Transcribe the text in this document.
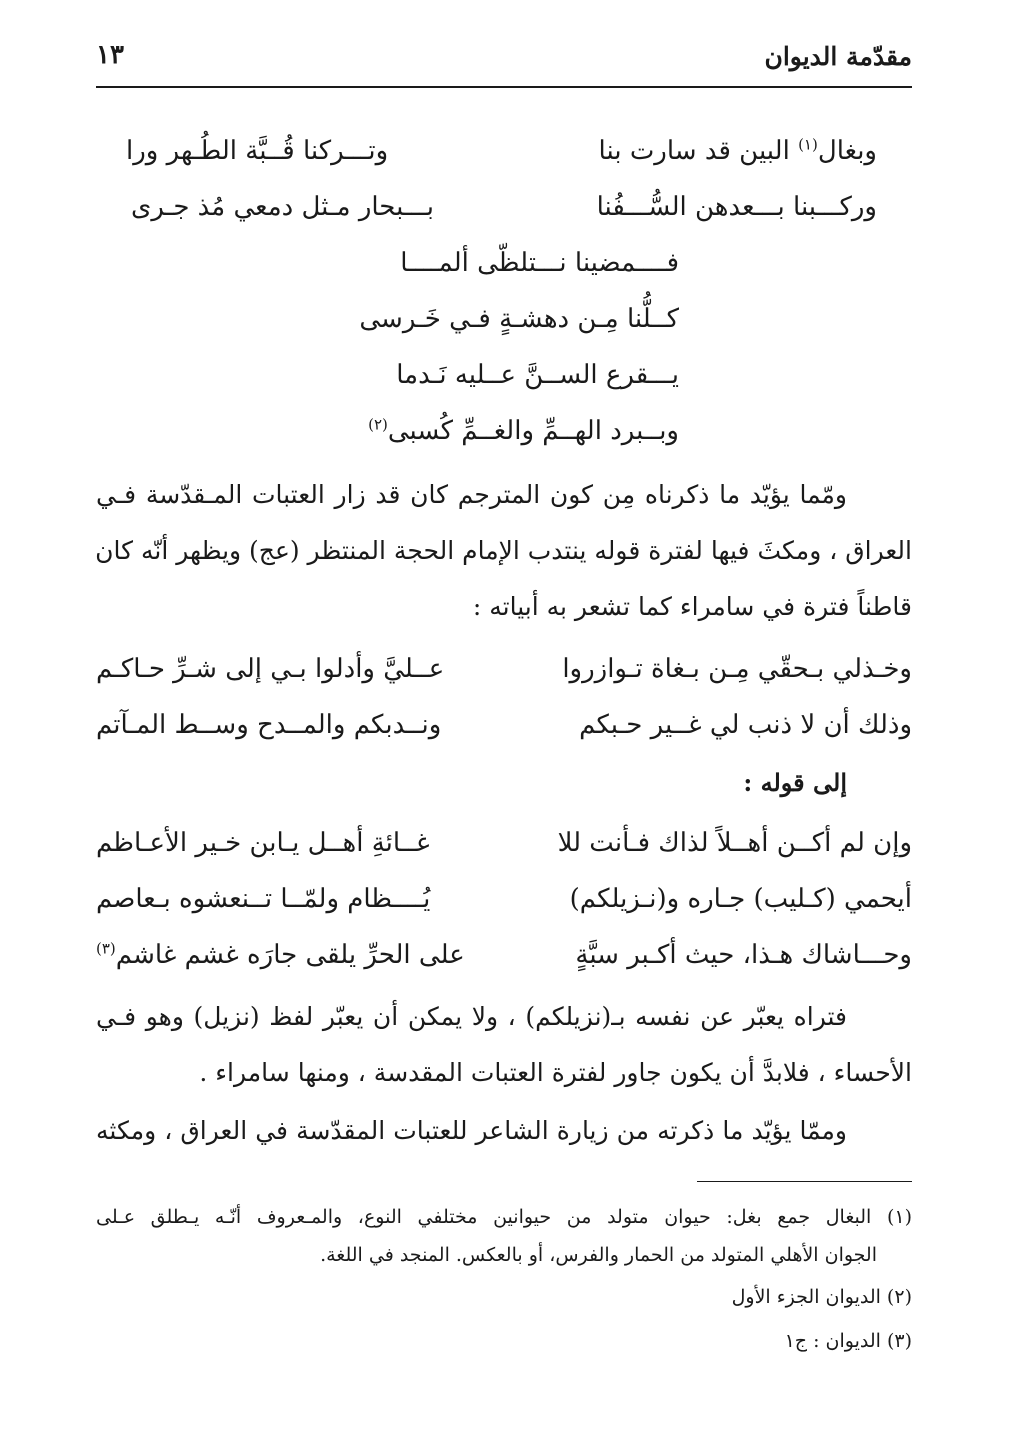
مقدّمة الديوان
١٣
وبغال$^{(١)}$ البين قد سارت بنا
وتـــركنا قُــبَّة الطُـهر ورا
وركـــبنا بـــعدهن السُّـــفُنا
بـــبحار مـثل دمعي مُذ جـرى
فــــمضينا نـــتلظّى ألمــــا
كــلُّنا مِـن دهشـةٍ فـي خَـرسى
يـــقرع الســنَّ عــليه نَـدما
وبــبرد الهــمِّ والغــمِّ كُسبى$^{(٢)}$
ومّما يؤيّد ما ذكرناه مِن كون المترجم كان قد زار العتبات المـقدّسة فـي
العراق ، ومكثَ فيها لفترة قوله ينتدب الإمام الحجة المنتظر (عج) ويظهر أنّه كان
قاطناً فترة في سامراء كما تشعر به أبياته :
وخـذلي بـحقّي مِـن بـغاة تـوازروا
عــليَّ وأدلوا بـي إلى شـرِّ حـاكـم
وذلك أن لا ذنب لي غــير حـبكم
ونــدبكم والمــدح وســط المـآتم
إلى قوله :
وإن لم أكــن أهــلاً لذاك فـأنت للا
غــائةِ أهــل يـابن خـير الأعـاظم
أيحمي (كـليب) جـاره و(نـزيلكم)
يُــــظام ولمّــا تــنعشوه بـعاصم
وحـــاشاك هـذا، حيث أكـبر سبَّةٍ
على الحرِّ يلقى جارَه غشم غاشم$^{(٣)}$
فتراه يعبّر عن نفسه بـ(نزيلكم) ، ولا يمكن أن يعبّر لفظ (نزيل) وهو فـي
الأحساء ، فلابدَّ أن يكون جاور لفترة العتبات المقدسة ، ومنها سامراء .
وممّا يؤيّد ما ذكرته من زيارة الشاعر للعتبات المقدّسة في العراق ، ومكثه
(١) البغال جمع بغل: حيوان متولد من حيوانين مختلفي النوع، والمـعروف أنّـه يـطلق عـلى
الجوان الأهلي المتولد من الحمار والفرس، أو بالعكس. المنجد في اللغة.
(٢) الديوان الجزء الأول
(٣) الديوان : ج١
